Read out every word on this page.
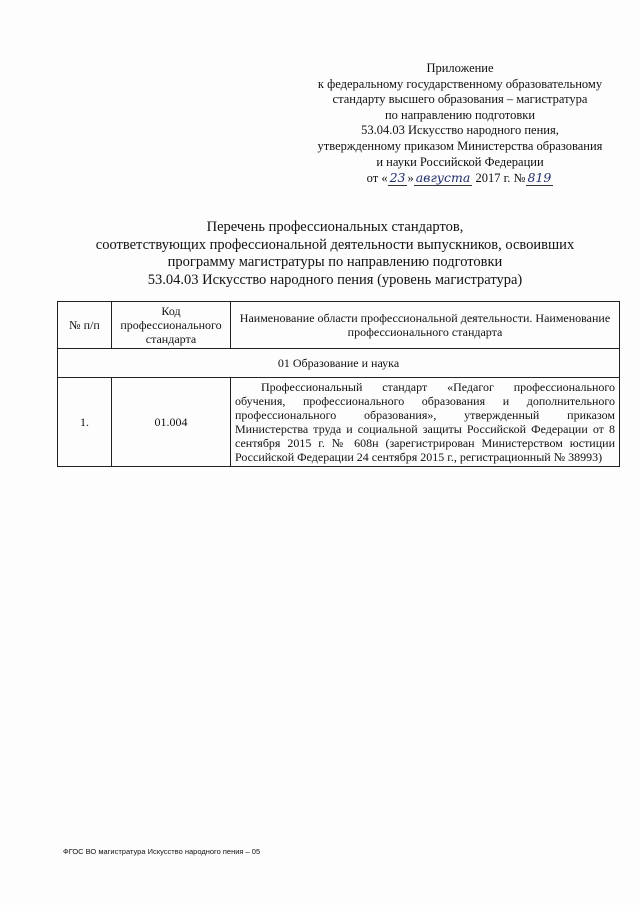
Приложение
к федеральному государственному образовательному
стандарту высшего образования – магистратура
по направлению подготовки
53.04.03 Искусство народного пения,
утвержденному приказом Министерства образования
и науки Российской Федерации
от « 23 » августа 2017 г. № 819
Перечень профессиональных стандартов,
соответствующих профессиональной деятельности выпускников, освоивших
программу магистратуры по направлению подготовки
53.04.03 Искусство народного пения (уровень магистратура)
№ п/п	Код профессионального стандарта	Наименование области профессиональной деятельности. Наименование профессионального стандарта
01 Образование и наука		
1.	01.004	Профессиональный стандарт «Педагог профессионального обучения, профессионального образования и дополнительного профессионального образования», утвержденный приказом Министерства труда и социальной защиты Российской Федерации от 8 сентября 2015 г. № 608н (зарегистрирован Министерством юстиции Российской Федерации 24 сентября 2015 г., регистрационный № 38993)
ФГОС ВО магистратура Искусство народного пения – 05
